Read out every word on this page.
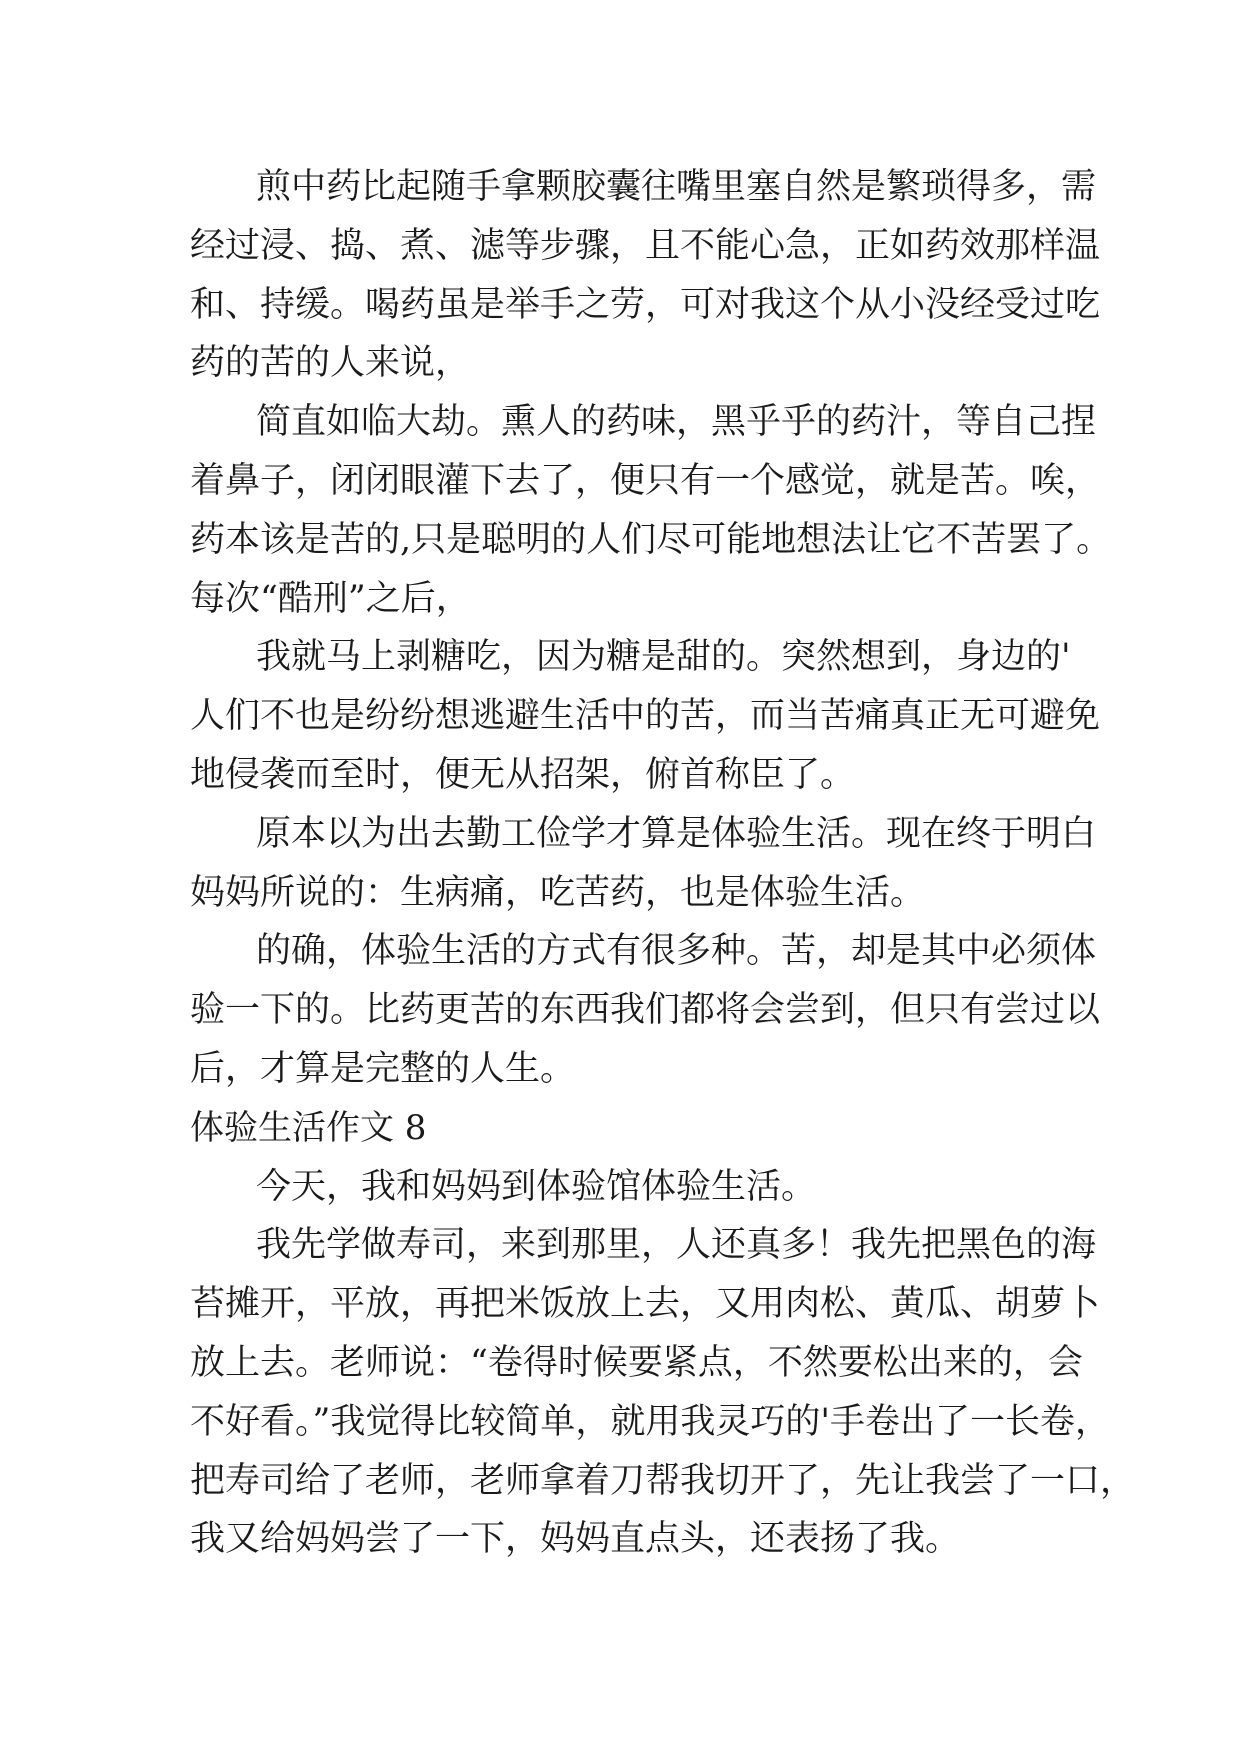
煎中药比起随手拿颗胶囊往嘴里塞自然是繁琐得多，需
经过浸、捣、煮、滤等步骤，且不能心急，正如药效那样温
和、持缓。喝药虽是举手之劳，可对我这个从小没经受过吃
药的苦的人来说，
简直如临大劫。熏人的药味，黑乎乎的药汁，等自己捏
着鼻子，闭闭眼灌下去了，便只有一个感觉，就是苦。唉，
药本该是苦的,只是聪明的人们尽可能地想法让它不苦罢了。
每次“酷刑”之后，
我就马上剥糖吃，因为糖是甜的。突然想到，身边的'
人们不也是纷纷想逃避生活中的苦，而当苦痛真正无可避免
地侵袭而至时，便无从招架，俯首称臣了。
原本以为出去勤工俭学才算是体验生活。现在终于明白
妈妈所说的：生病痛，吃苦药，也是体验生活。
的确，体验生活的方式有很多种。苦，却是其中必须体
验一下的。比药更苦的东西我们都将会尝到，但只有尝过以
后，才算是完整的人生。
体验生活作文 8
今天，我和妈妈到体验馆体验生活。
我先学做寿司，来到那里，人还真多！我先把黑色的海
苔摊开，平放，再把米饭放上去，又用肉松、黄瓜、胡萝卜
放上去。老师说：“卷得时候要紧点，不然要松出来的，会
不好看。”我觉得比较简单，就用我灵巧的'手卷出了一长卷，
把寿司给了老师，老师拿着刀帮我切开了，先让我尝了一口，
我又给妈妈尝了一下，妈妈直点头，还表扬了我。
